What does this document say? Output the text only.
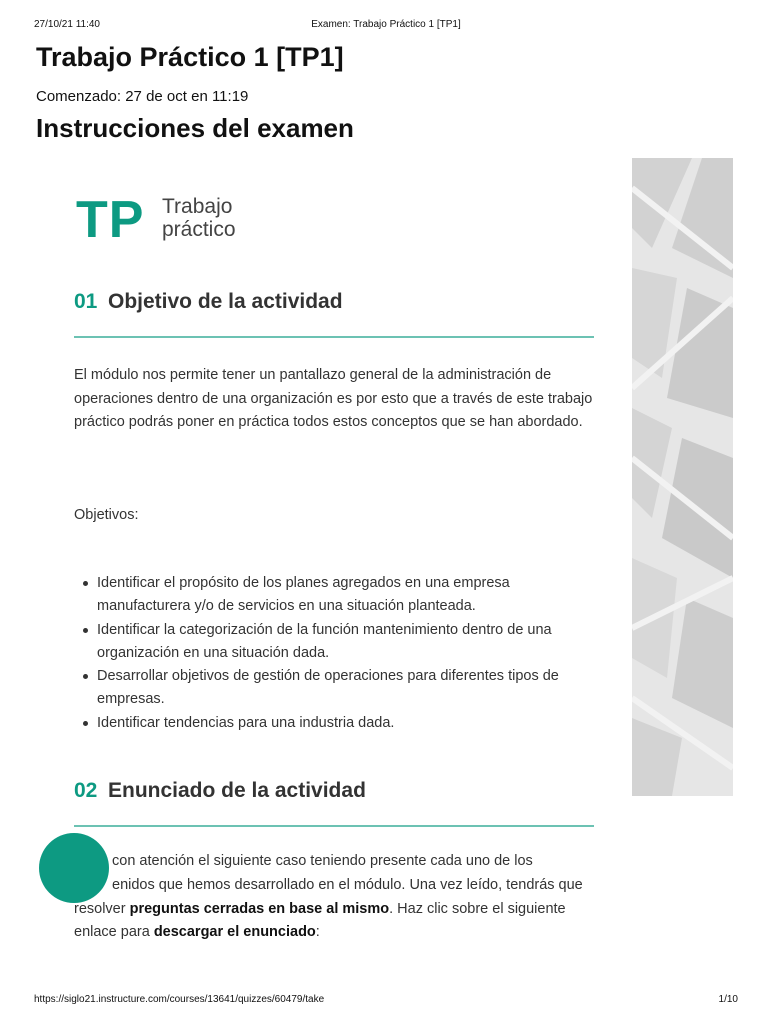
27/10/21 11:40	Examen: Trabajo Práctico 1 [TP1]
Trabajo Práctico 1 [TP1]
Comenzado: 27 de oct en 11:19
Instrucciones del examen
TP Trabajo
práctico
01 Objetivo de la actividad

El módulo nos permite tener un pantallazo general de la administración de operaciones dentro de una organización es por esto que a través de este trabajo práctico podrás poner en práctica todos estos conceptos que se han abordado.

Objetivos:

Identificar el propósito de los planes agregados en una empresa manufacturera y/o de servicios en una situación planteada.
Identificar la categorización de la función mantenimiento dentro de una organización en una situación dada.
Desarrollar objetivos de gestión de operaciones para diferentes tipos de empresas.
Identificar tendencias para una industria dada.
02 Enunciado de la actividad
con atención el siguiente caso teniendo presente cada uno de los
enidos que hemos desarrollado en el módulo. Una vez leído, tendrás que
resolver preguntas cerradas en base al mismo. Haz clic sobre el siguiente
enlace para descargar el enunciado:
https://siglo21.instructure.com/courses/13641/quizzes/60479/take	1/10
